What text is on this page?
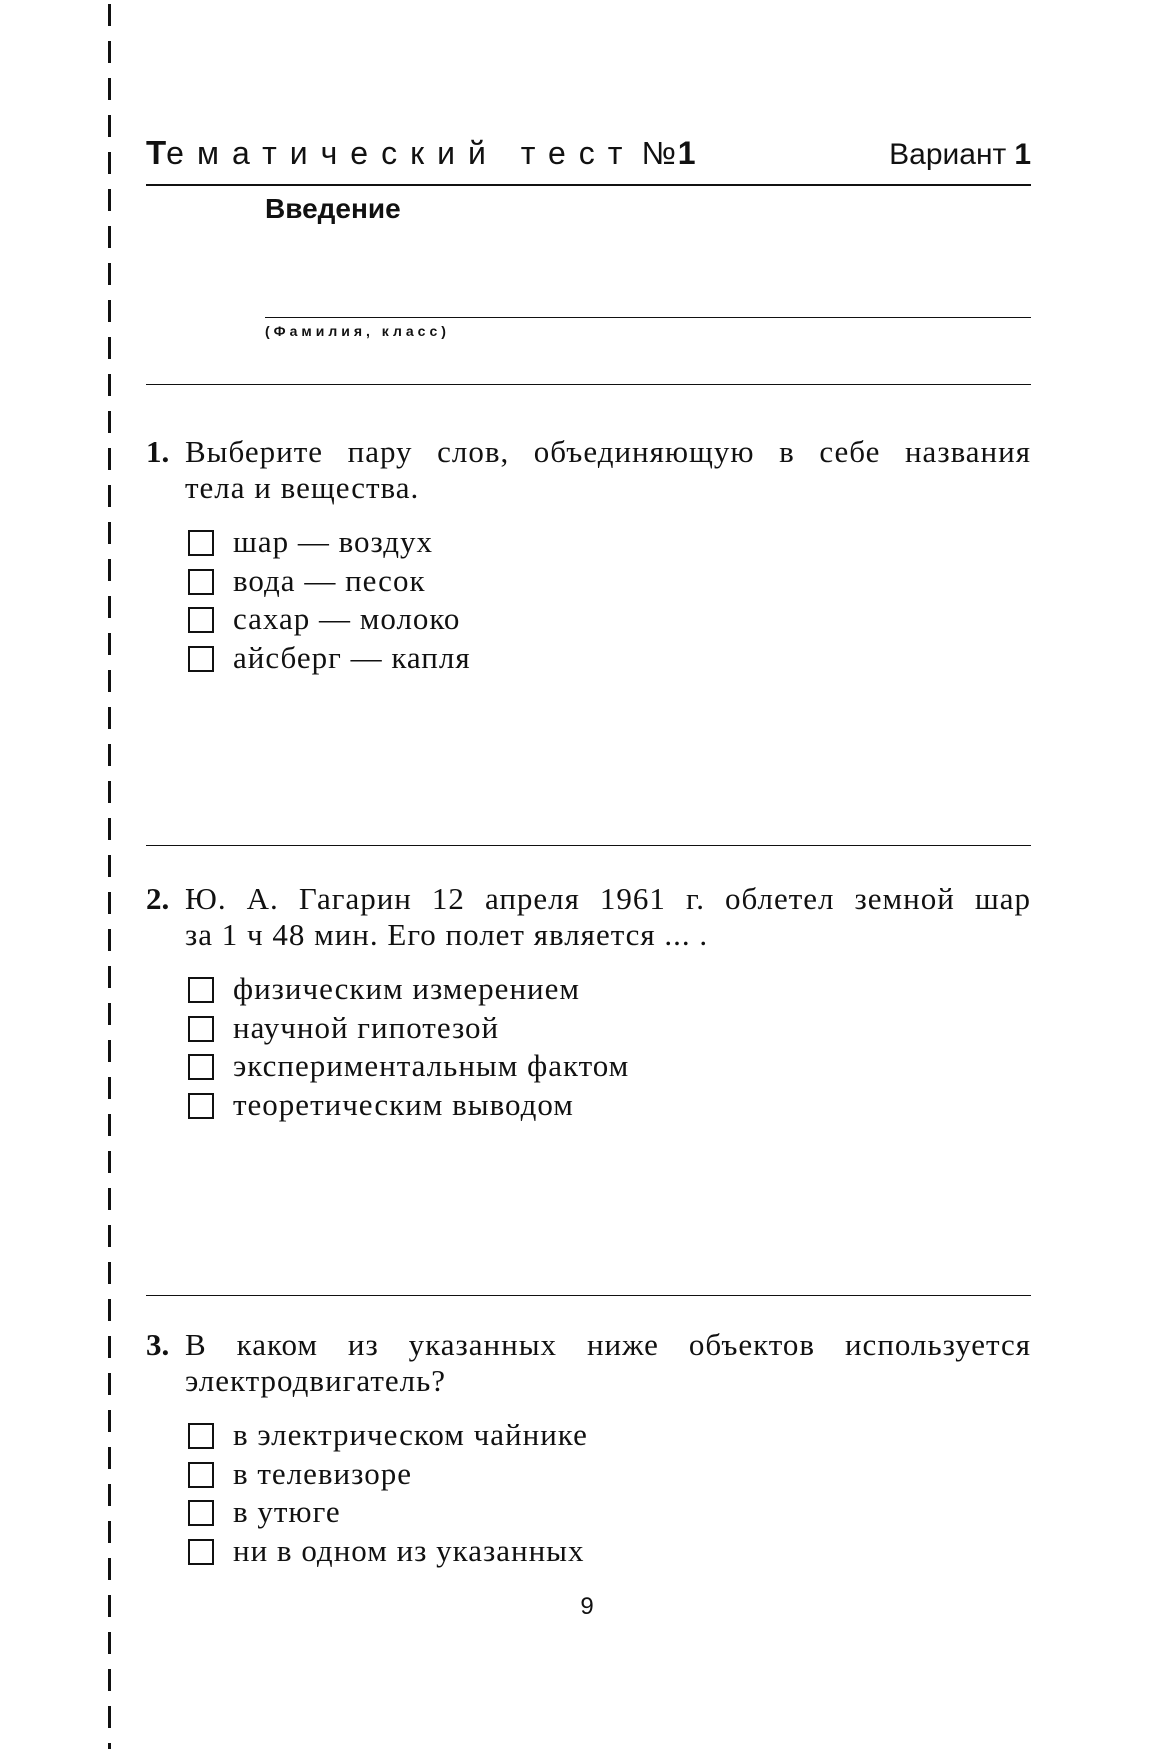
Тематический тест №1	Вариант 1
Введение
(Фамилия, класс)
1. Выберите пару слов, объединяющую в себе названия
тела и вещества.
шар — воздух
вода — песок
сахар — молоко
айсберг — капля
2. Ю. А. Гагарин 12 апреля 1961 г. облетел земной шар
за 1 ч 48 мин. Его полет является ... .
физическим измерением
научной гипотезой
экспериментальным фактом
теоретическим выводом
3. В каком из указанных ниже объектов используется
электродвигатель?
в электрическом чайнике
в телевизоре
в утюге
ни в одном из указанных
9
